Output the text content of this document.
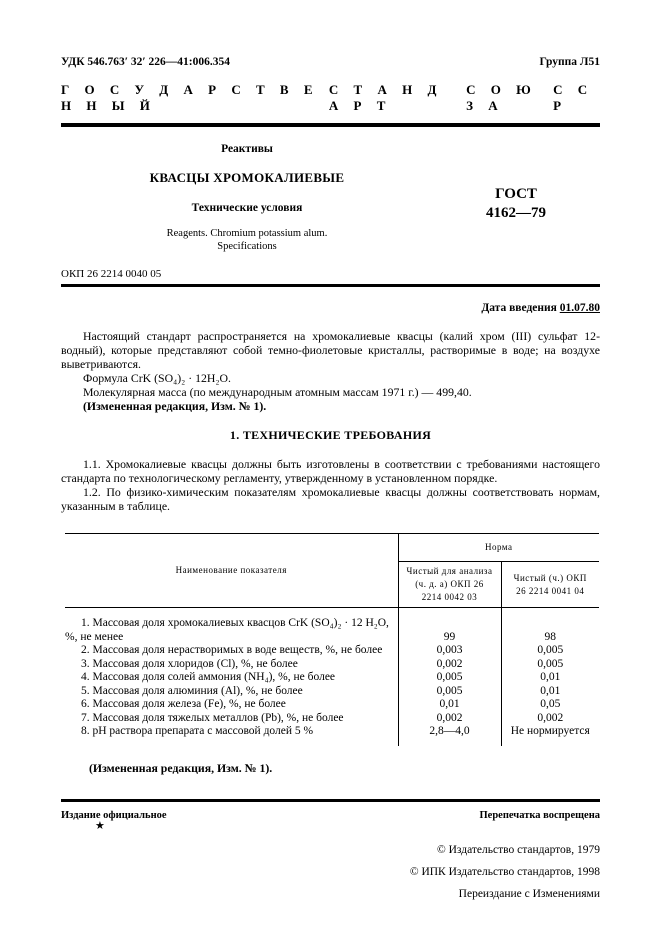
УДК 546.763′ 32′ 226—41:006.354	Группа Л51
Г О С У Д А Р С Т В Е Н Н Ы Й
С Т А Н Д А Р Т
С О Ю З А
С С Р
Реактивы
КВАСЦЫ ХРОМОКАЛИЕВЫЕ
Технические условия
Reagents. Chromium potassium alum.
Specifications
ГОСТ
4162—79
ОКП 26 2214 0040 05
Дата введения 01.07.80

Настоящий стандарт распространяется на хромокалиевые квасцы (калий хром (III) сульфат 12-водный), которые представляют собой темно-фиолетовые кристаллы, растворимые в воде; на воздухе выветриваются.

Формула CrK (SO₄)₂ · 12H₂O.

Молекулярная масса (по международным атомным массам 1971 г.) — 499,40.

(Измененная редакция, Изм. № 1).

1. ТЕХНИЧЕСКИЕ ТРЕБОВАНИЯ

1.1. Хромокалиевые квасцы должны быть изготовлены в соответствии с требованиями настоящего стандарта по технологическому регламенту, утвержденному в установленном порядке.

1.2. По физико-химическим показателям хромокалиевые квасцы должны соответствовать нормам, указанным в таблице.

Наименование показателя	Норма	
	Чистый для анализа (ч. д. а) ОКП 26 2214 0042 03	Чистый (ч.) ОКП 26 2214 0041 04
1. Массовая доля хромокалиевых квасцов CrK (SO₄)₂ · 12 H₂O, %, не менее	99	98
2. Массовая доля нерастворимых в воде веществ, %, не более	0,003	0,005
3. Массовая доля хлоридов (Cl), %, не более	0,002	0,005
4. Массовая доля солей аммония (NH₄), %, не более	0,005	0,01
5. Массовая доля алюминия (Al), %, не более	0,005	0,01
6. Массовая доля железа (Fe), %, не более	0,01	0,05
7. Массовая доля тяжелых металлов (Pb), %, не более	0,002	0,002
8. pH раствора препарата с массовой долей 5 %	2,8—4,0	Не нормируется
(Измененная редакция, Изм. № 1).
Издание официальное	Перепечатка воспрещена
★
© Издательство стандартов, 1979
© ИПК Издательство стандартов, 1998
Переиздание с Изменениями
